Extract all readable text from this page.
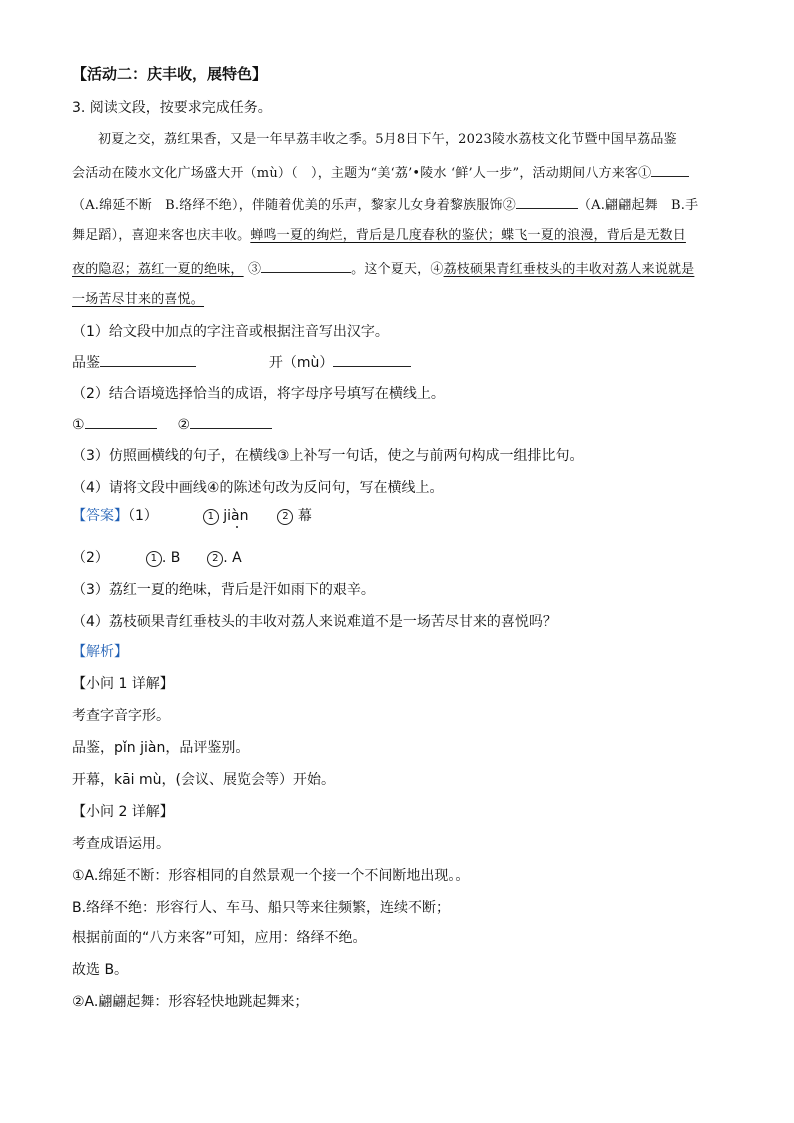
【活动二：庆丰收，展特色】
3. 阅读文段，按要求完成任务。
初夏之交，荔红果香，又是一年早荔丰收之季。5月8日下午，2023陵水荔枝文化节暨中国早荔品鉴
会活动在陵水文化广场盛大开（mù）（　），主题为“美‘荔’•陵水 ‘鲜’人一步”，活动期间八方来客①
（A.绵延不断　B.络绎不绝），伴随着优美的乐声，黎家儿女身着黎族服饰②	（A.翩翩起舞　B.手
舞足蹈），喜迎来客也庆丰收。蝉鸣一夏的绚烂，背后是几度春秋的鉴伏；蝶飞一夏的浪漫，背后是无数日
夜的隐忍；荔红一夏的绝味， ③	。这个夏天，④荔枝硕果青红垂枝头的丰收对荔人来说就是
一场苦尽甘来的喜悦。
（1）给文段中加点的字注音或根据注音写出汉字。
品鉴	开（mù）
（2）结合语境选择恰当的成语，将字母序号填写在横线上。
①	②
（3）仿照画横线的句子，在横线③上补写一句话，使之与前两句构成一组排比句。
（4）请将文段中画线④的陈述句改为反问句，写在横线上。
【答案】（1）	1 jiàn	2 幕
（2）	1 . B	2 . A
（3）荔红一夏的绝味，背后是汗如雨下的艰辛。
（4）荔枝硕果青红垂枝头的丰收对荔人来说难道不是一场苦尽甘来的喜悦吗？
【解析】
【小问 1 详解】
考查字音字形。
品鉴，pǐn jiàn，品评鉴别。
开幕，kāi mù，(会议、展览会等）开始。
【小问 2 详解】
考查成语运用。
①A.绵延不断：形容相同的自然景观一个接一个不间断地出现。。
B.络绎不绝：形容行人、车马、船只等来往频繁，连续不断；
根据前面的“八方来客”可知，应用：络绎不绝。
故选 B。
②A.翩翩起舞：形容轻快地跳起舞来；
